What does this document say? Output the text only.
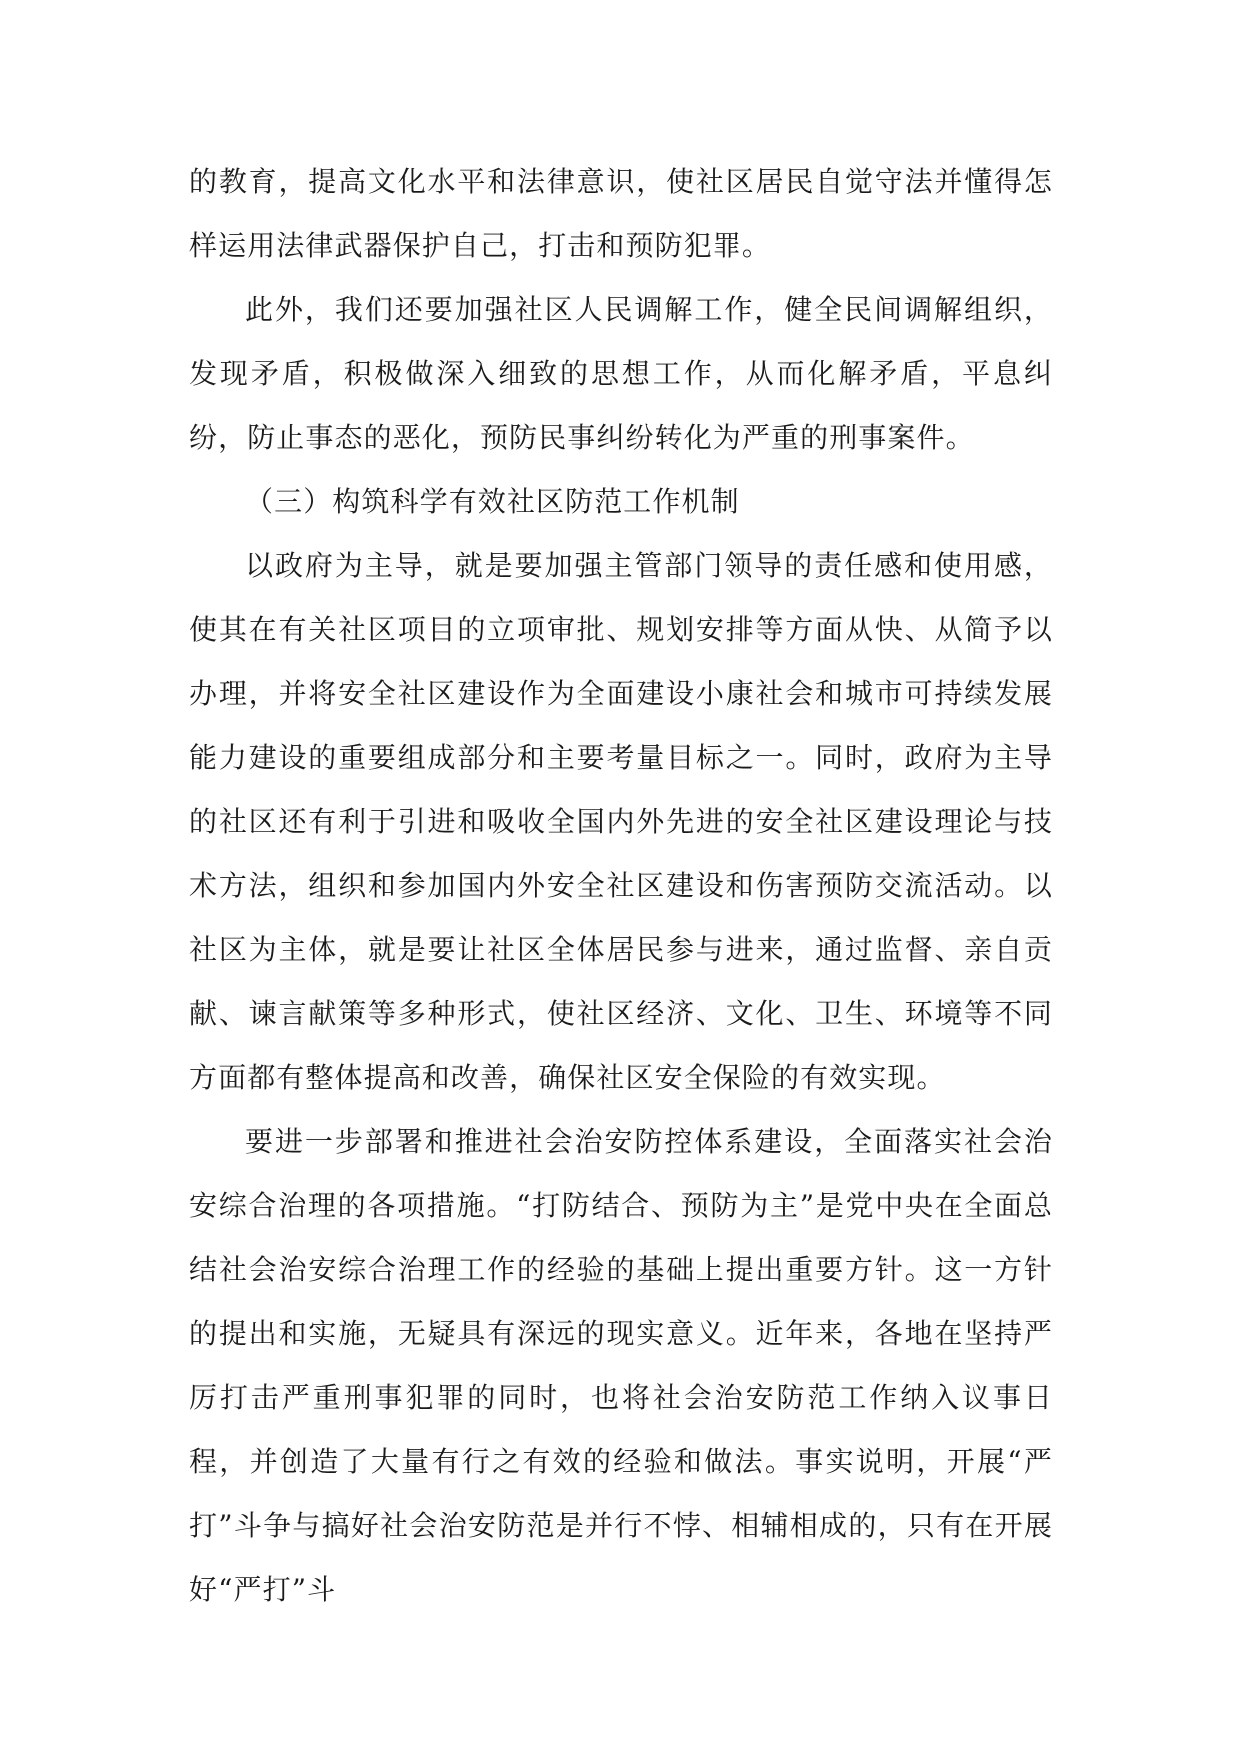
的教育，提高文化水平和法律意识，使社区居民自觉守法并懂得怎样运用法律武器保护自己，打击和预防犯罪。

此外，我们还要加强社区人民调解工作，健全民间调解组织，发现矛盾，积极做深入细致的思想工作，从而化解矛盾，平息纠纷，防止事态的恶化，预防民事纠纷转化为严重的刑事案件。

（三）构筑科学有效社区防范工作机制

以政府为主导，就是要加强主管部门领导的责任感和使用感，使其在有关社区项目的立项审批、规划安排等方面从快、从简予以办理，并将安全社区建设作为全面建设小康社会和城市可持续发展能力建设的重要组成部分和主要考量目标之一。同时，政府为主导的社区还有利于引进和吸收全国内外先进的安全社区建设理论与技术方法，组织和参加国内外安全社区建设和伤害预防交流活动。以社区为主体，就是要让社区全体居民参与进来，通过监督、亲自贡献、谏言献策等多种形式，使社区经济、文化、卫生、环境等不同方面都有整体提高和改善，确保社区安全保险的有效实现。

要进一步部署和推进社会治安防控体系建设，全面落实社会治安综合治理的各项措施。“打防结合、预防为主”是党中央在全面总结社会治安综合治理工作的经验的基础上提出重要方针。这一方针的提出和实施，无疑具有深远的现实意义。近年来，各地在坚持严厉打击严重刑事犯罪的同时，也将社会治安防范工作纳入议事日程，并创造了大量有行之有效的经验和做法。事实说明，开展“严打”斗争与搞好社会治安防范是并行不悖、相辅相成的，只有在开展好“严打”斗
